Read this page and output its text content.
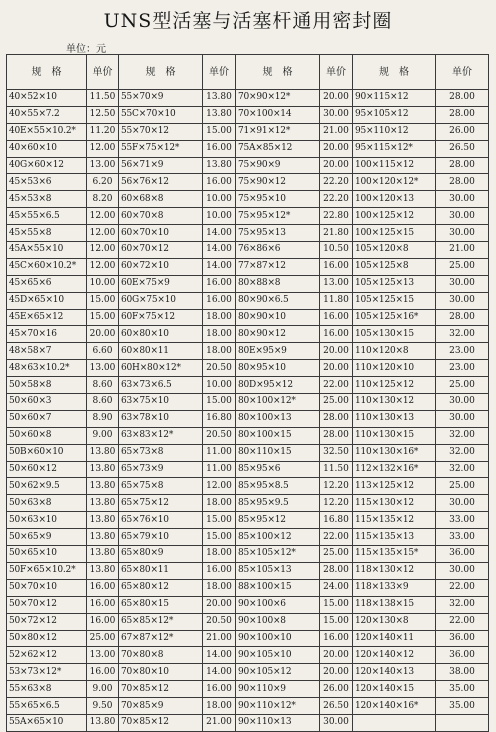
UNS型活塞与活塞杆通用密封圈
单位：元
规　格	单价	规　格	单价	规　格	单价	规　格	单价
40×52×10	11.50	55×70×9	13.80	70×90×12*	20.00	90×115×12	28.00
40×55×7.2	12.50	55C×70×10	13.80	70×100×14	30.00	95×105×12	28.00
40E×55×10.2*	11.20	55×70×12	15.00	71×91×12*	21.00	95×110×12	26.00
40×60×10	12.00	55F×75×12*	16.00	75A×85×12	20.00	95×115×12*	26.50
40G×60×12	13.00	56×71×9	13.80	75×90×9	20.00	100×115×12	28.00
45×53×6	6.20	56×76×12	16.00	75×90×12	22.20	100×120×12*	28.00
45×53×8	8.20	60×68×8	10.00	75×95×10	22.20	100×120×13	30.00
45×55×6.5	12.00	60×70×8	10.00	75×95×12*	22.80	100×125×12	30.00
45×55×8	12.00	60×70×10	14.00	75×95×13	21.80	100×125×15	30.00
45A×55×10	12.00	60×70×12	14.00	76×86×6	10.50	105×120×8	21.00
45C×60×10.2*	12.00	60×72×10	14.00	77×87×12	16.00	105×125×8	25.00
45×65×6	10.00	60E×75×9	16.00	80×88×8	13.00	105×125×13	30.00
45D×65×10	15.00	60G×75×10	16.00	80×90×6.5	11.80	105×125×15	30.00
45E×65×12	15.00	60F×75×12	18.00	80×90×10	16.00	105×125×16*	28.00
45×70×16	20.00	60×80×10	18.00	80×90×12	16.00	105×130×15	32.00
48×58×7	6.60	60×80×11	18.00	80E×95×9	20.00	110×120×8	23.00
48×63×10.2*	13.00	60H×80×12*	20.50	80×95×10	20.00	110×120×10	23.00
50×58×8	8.60	63×73×6.5	10.00	80D×95×12	22.00	110×125×12	25.00
50×60×3	8.60	63×75×10	15.00	80×100×12*	25.00	110×130×12	30.00
50×60×7	8.90	63×78×10	16.80	80×100×13	28.00	110×130×13	30.00
50×60×8	9.00	63×83×12*	20.50	80×100×15	28.00	110×130×15	32.00
50B×60×10	13.80	65×73×8	11.00	80×110×15	32.50	110×130×16*	32.00
50×60×12	13.80	65×73×9	11.00	85×95×6	11.50	112×132×16*	32.00
50×62×9.5	13.80	65×75×8	12.00	85×95×8.5	12.20	113×125×12	25.00
50×63×8	13.80	65×75×12	18.00	85×95×9.5	12.20	115×130×12	30.00
50×63×10	13.80	65×76×10	15.00	85×95×12	16.80	115×135×12	33.00
50×65×9	13.80	65×79×10	15.00	85×100×12	22.00	115×135×13	33.00
50×65×10	13.80	65×80×9	18.00	85×105×12*	25.00	115×135×15*	36.00
50F×65×10.2*	13.80	65×80×11	16.00	85×105×13	28.00	118×130×12	30.00
50×70×10	16.00	65×80×12	18.00	88×100×15	24.00	118×133×9	22.00
50×70×12	16.00	65×80×15	20.00	90×100×6	15.00	118×138×15	32.00
50×72×12	16.00	65×85×12*	20.50	90×100×8	15.00	120×130×8	22.00
50×80×12	25.00	67×87×12*	21.00	90×100×10	16.00	120×140×11	36.00
52×62×12	13.00	70×80×8	14.00	90×105×10	20.00	120×140×12	36.00
53×73×12*	16.00	70×80×10	14.00	90×105×12	20.00	120×140×13	38.00
55×63×8	9.00	70×85×12	16.00	90×110×9	26.00	120×140×15	35.00
55×65×6.5	9.50	70×85×9	18.00	90×110×12*	26.50	120×140×16*	35.00
55A×65×10	13.80	70×85×12	21.00	90×110×13	30.00		
